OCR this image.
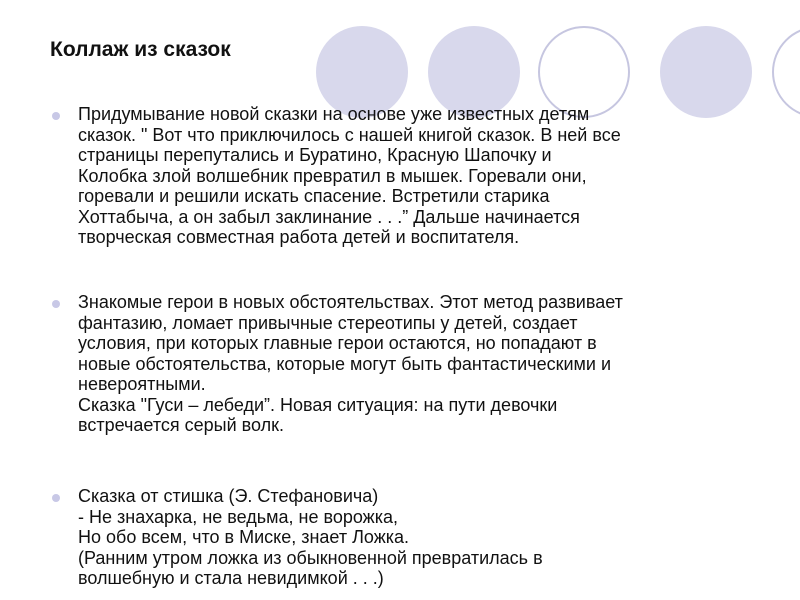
Коллаж из сказок
Придумывание новой сказки на основе уже известных детям
сказок. " Вот что приключилось с нашей книгой сказок. В ней все
страницы перепутались и Буратино, Красную Шапочку и
Колобка злой волшебник превратил в мышек. Горевали они,
горевали и решили искать спасение. Встретили старика
Хоттабыча, а он забыл заклинание . . .” Дальше начинается
творческая совместная работа детей и воспитателя.
Знакомые герои в новых обстоятельствах. Этот метод развивает
фантазию, ломает привычные стереотипы у детей, создает
условия, при которых главные герои остаются, но попадают в
новые обстоятельства, которые могут быть фантастическими и
невероятными.
Сказка "Гуси – лебеди”. Новая ситуация: на пути девочки
встречается серый волк.
Сказка от стишка (Э. Стефановича)
- Не знахарка, не ведьма, не ворожка,
Но обо всем, что в Миске, знает Ложка.
(Ранним утром ложка из обыкновенной превратилась в
волшебную и стала невидимкой . . .)
